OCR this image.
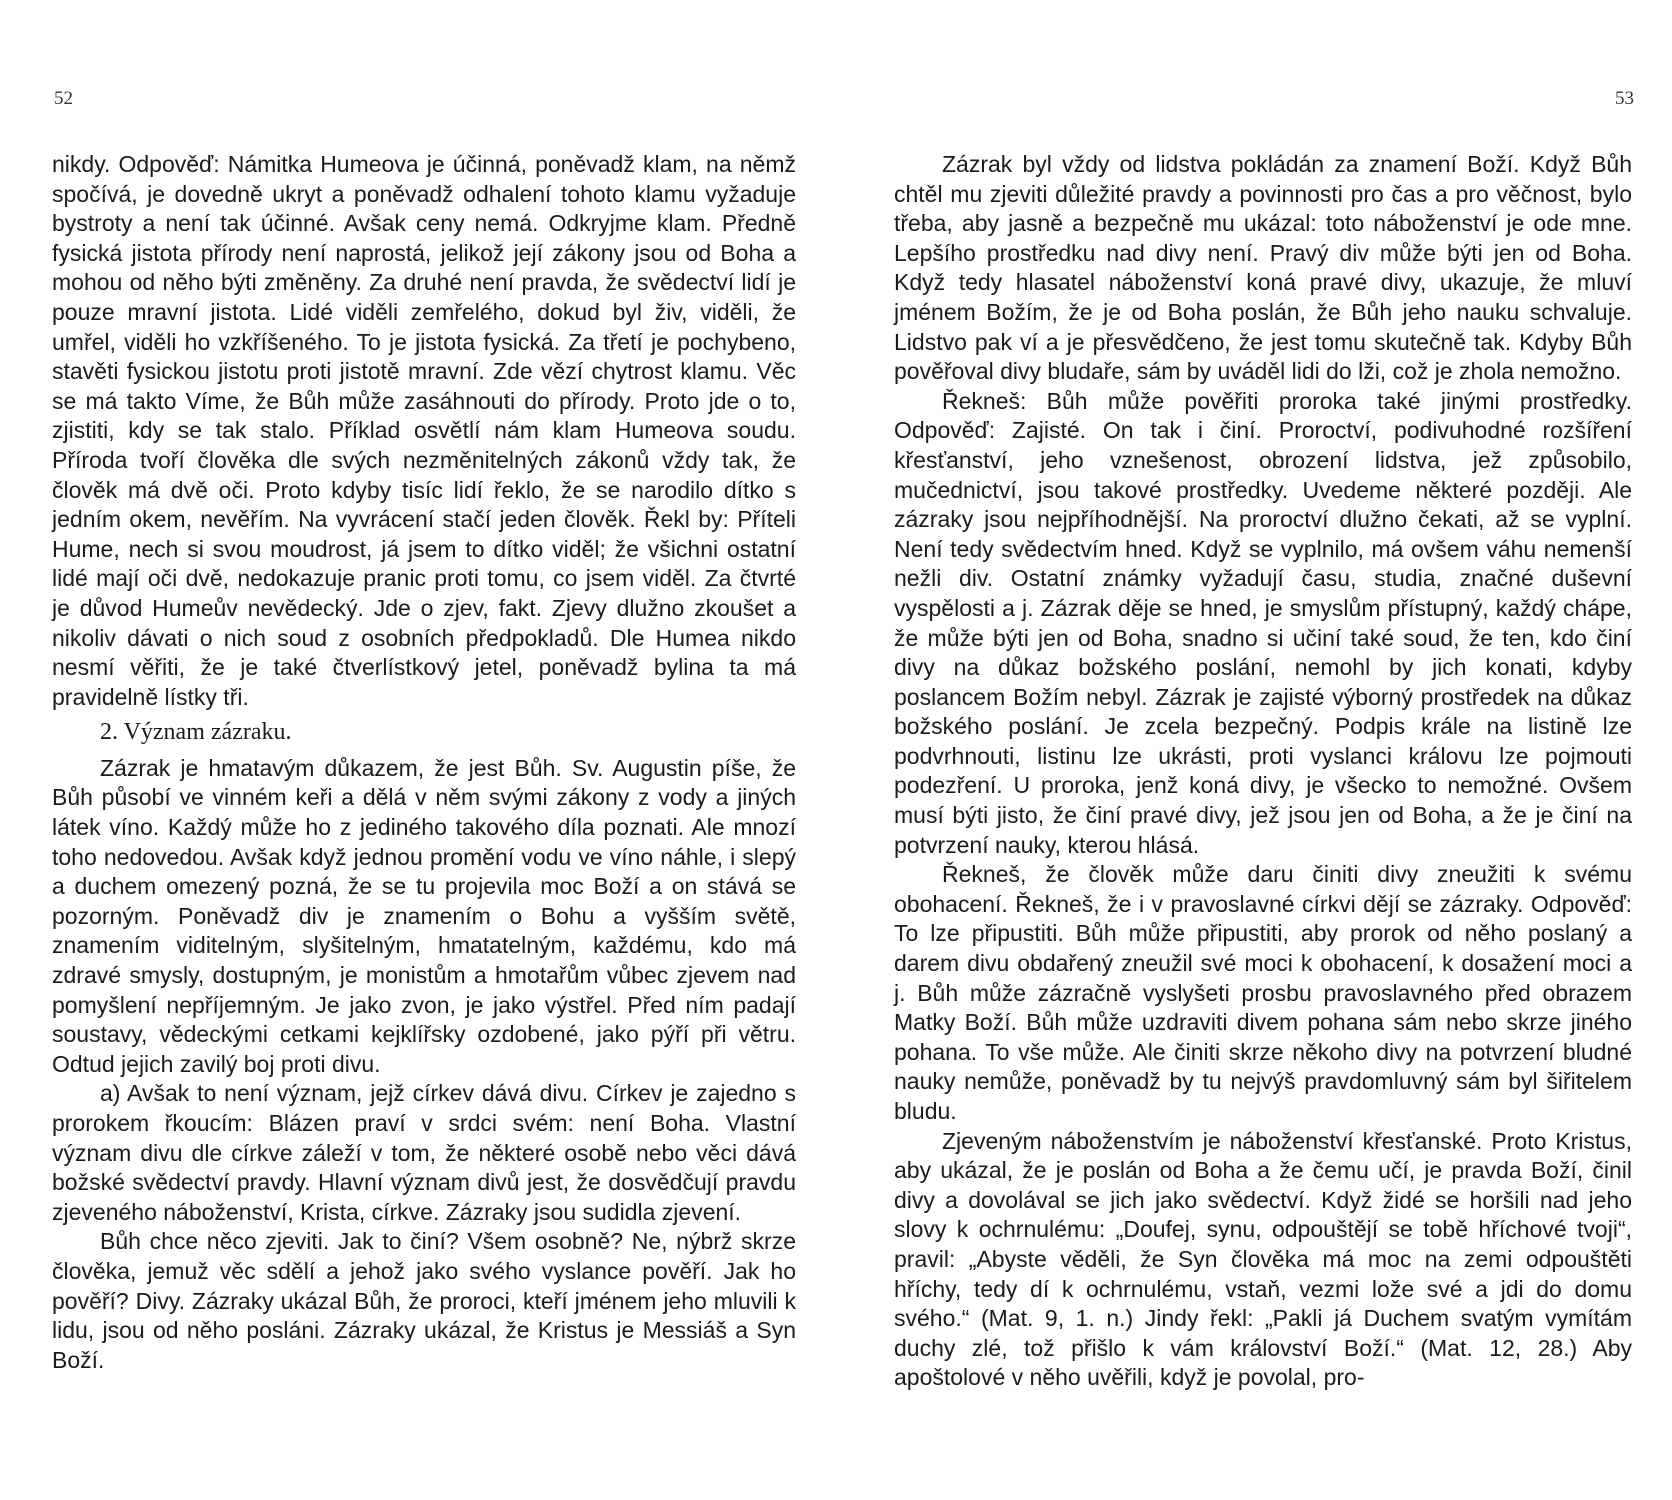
52

nikdy. Odpověď: Námitka Humeova je účinná, poněvadž klam, na němž spočívá, je dovedně ukryt a poněvadž odhalení tohoto klamu vyžaduje bystroty a není tak účinné. Avšak ceny nemá. Odkryjme klam. Předně fysická jistota přírody není naprostá, jelikož její zákony jsou od Boha a mohou od něho býti změněny. Za druhé není pravda, že svědectví lidí je pouze mravní jistota. Lidé viděli zemřelého, dokud byl živ, viděli, že umřel, viděli ho vzkříšeného. To je jistota fysická. Za třetí je pochybeno, stavěti fysickou jistotu proti jistotě mravní. Zde vězí chytrost klamu. Věc se má takto Víme, že Bůh může zasáhnouti do přírody. Proto jde o to, zjistiti, kdy se tak stalo. Příklad osvětlí nám klam Humeova soudu. Příroda tvoří člověka dle svých nezměnitelných zákonů vždy tak, že člověk má dvě oči. Proto kdyby tisíc lidí řeklo, že se narodilo dítko s jedním okem, nevěřím. Na vyvrácení stačí jeden člověk. Řekl by: Příteli Hume, nech si svou moudrost, já jsem to dítko viděl; že všichni ostatní lidé mají oči dvě, nedokazuje pranic proti tomu, co jsem viděl. Za čtvrté je důvod Humeův nevědecký. Jde o zjev, fakt. Zjevy dlužno zkoušet a nikoliv dávati o nich soud z osobních předpokladů. Dle Humea nikdo nesmí věřiti, že je také čtverlístkový jetel, poněvadž bylina ta má pravidelně lístky tři.

2. Význam zázraku.

Zázrak je hmatavým důkazem, že jest Bůh. Sv. Augustin píše, že Bůh působí ve vinném keři a dělá v něm svými zákony z vody a jiných látek víno. Každý může ho z jediného takového díla poznati. Ale mnozí toho nedovedou. Avšak když jednou promění vodu ve víno náhle, i slepý a duchem omezený pozná, že se tu projevila moc Boží a on stává se pozorným. Poněvadž div je znamením o Bohu a vyšším světě, znamením viditelným, slyšitelným, hmatatelným, každému, kdo má zdravé smysly, dostupným, je monistům a hmotařům vůbec zjevem nad pomyšlení nepříjemným. Je jako zvon, je jako výstřel. Před ním padají soustavy, vědeckými cetkami kejklířsky ozdobené, jako pýří při větru. Odtud jejich zavilý boj proti divu.

a) Avšak to není význam, jejž církev dává divu. Církev je zajedno s prorokem řkoucím: Blázen praví v srdci svém: není Boha. Vlastní význam divu dle církve záleží v tom, že některé osobě nebo věci dává božské svědectví pravdy. Hlavní význam divů jest, že dosvědčují pravdu zjeveného náboženství, Krista, církve. Zázraky jsou sudidla zjevení.

Bůh chce něco zjeviti. Jak to činí? Všem osobně? Ne, nýbrž skrze člověka, jemuž věc sdělí a jehož jako svého vyslance pověří. Jak ho pověří? Divy. Zázraky ukázal Bůh, že proroci, kteří jménem jeho mluvili k lidu, jsou od něho posláni. Zázraky ukázal, že Kristus je Messiáš a Syn Boží.

53

Zázrak byl vždy od lidstva pokládán za znamení Boží. Když Bůh chtěl mu zjeviti důležité pravdy a povinnosti pro čas a pro věčnost, bylo třeba, aby jasně a bezpečně mu ukázal: toto náboženství je ode mne. Lepšího prostředku nad divy není. Pravý div může býti jen od Boha. Když tedy hlasatel náboženství koná pravé divy, ukazuje, že mluví jménem Božím, že je od Boha poslán, že Bůh jeho nauku schvaluje. Lidstvo pak ví a je přesvědčeno, že jest tomu skutečně tak. Kdyby Bůh pověřoval divy bludaře, sám by uváděl lidi do lži, což je zhola nemožno.

Řekneš: Bůh může pověřiti proroka také jinými prostředky. Odpověď: Zajisté. On tak i činí. Proroctví, podivuhodné rozšíření křesťanství, jeho vznešenost, obrození lidstva, jež způsobilo, mučednictví, jsou takové prostředky. Uvedeme některé později. Ale zázraky jsou nejpříhodnější. Na proroctví dlužno čekati, až se vyplní. Není tedy svědectvím hned. Když se vyplnilo, má ovšem váhu nemenší nežli div. Ostatní známky vyžadují času, studia, značné duševní vyspělosti a j. Zázrak děje se hned, je smyslům přístupný, každý chápe, že může býti jen od Boha, snadno si učiní také soud, že ten, kdo činí divy na důkaz božského poslání, nemohl by jich konati, kdyby poslancem Božím nebyl. Zázrak je zajisté výborný prostředek na důkaz božského poslání. Je zcela bezpečný. Podpis krále na listině lze podvrhnouti, listinu lze ukrásti, proti vyslanci královu lze pojmouti podezření. U proroka, jenž koná divy, je všecko to nemožné. Ovšem musí býti jisto, že činí pravé divy, jež jsou jen od Boha, a že je činí na potvrzení nauky, kterou hlásá.

Řekneš, že člověk může daru činiti divy zneužiti k svému obohacení. Řekneš, že i v pravoslavné církvi dějí se zázraky. Odpověď: To lze připustiti. Bůh může připustiti, aby prorok od něho poslaný a darem divu obdařený zneužil své moci k obohacení, k dosažení moci a j. Bůh může zázračně vyslyšeti prosbu pravoslavného před obrazem Matky Boží. Bůh může uzdraviti divem pohana sám nebo skrze jiného pohana. To vše může. Ale činiti skrze někoho divy na potvrzení bludné nauky nemůže, poněvadž by tu nejvýš pravdomluvný sám byl šiřitelem bludu.

Zjeveným náboženstvím je náboženství křesťanské. Proto Kristus, aby ukázal, že je poslán od Boha a že čemu učí, je pravda Boží, činil divy a dovolával se jich jako svědectví. Když židé se horšili nad jeho slovy k ochrnulému: „Doufej, synu, odpouštějí se tobě hříchové tvoji“, pravil: „Abyste věděli, že Syn člověka má moc na zemi odpouštěti hříchy, tedy dí k ochrnulému, vstaň, vezmi lože své a jdi do domu svého.“ (Mat. 9, 1. n.) Jindy řekl: „Pakli já Duchem svatým vymítám duchy zlé, tož přišlo k vám království Boží.“ (Mat. 12, 28.) Aby apoštolové v něho uvěřili, když je povolal, pro-
